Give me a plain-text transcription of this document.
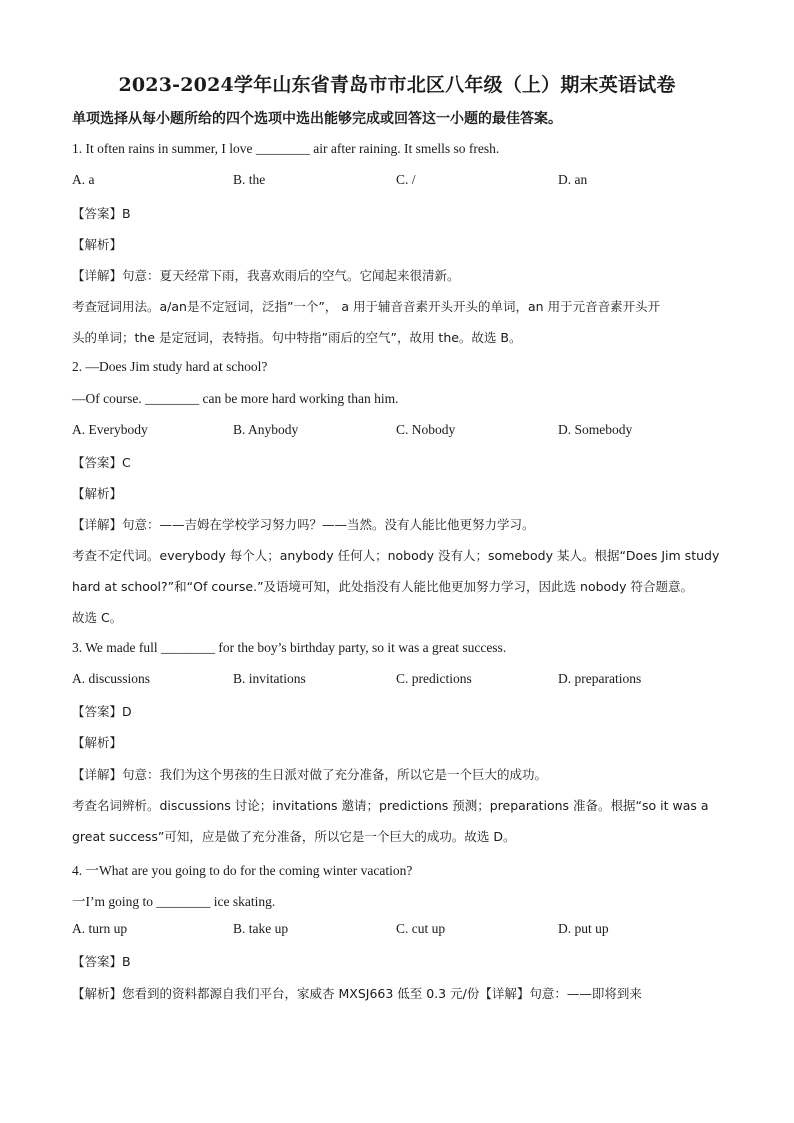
2023-2024学年山东省青岛市市北区八年级（上）期末英语试卷
单项选择从每小题所给的四个选项中选出能够完成或回答这一小题的最佳答案。
1. It often rains in summer, I love ________ air after raining. It smells so fresh.
A. a	B. the	C. /	D. an
【答案】B
【解析】
【详解】句意：夏天经常下雨，我喜欢雨后的空气。它闻起来很清新。
考查冠词用法。a/an是不定冠词，泛指”一个”， a 用于辅音音素开头开头的单词，an 用于元音音素开头开
头的单词；the 是定冠词，表特指。句中特指”雨后的空气”，故用 the。故选 B。
2. —Does Jim study hard at school?
—Of course. ________ can be more hard working than him.
A. Everybody	B. Anybody	C. Nobody	D. Somebody
【答案】C
【解析】
【详解】句意：——吉姆在学校学习努力吗？——当然。没有人能比他更努力学习。
考查不定代词。everybody 每个人；anybody 任何人；nobody 没有人；somebody 某人。根据“Does Jim study
hard at school?”和“Of course.”及语境可知，此处指没有人能比他更加努力学习，因此选 nobody 符合题意。
故选 C。
3. We made full ________ for the boy’s birthday party, so it was a great success.
A. discussions	B. invitations	C. predictions	D. preparations
【答案】D
【解析】
【详解】句意：我们为这个男孩的生日派对做了充分准备，所以它是一个巨大的成功。
考查名词辨析。discussions 讨论；invitations 邀请；predictions 预测；preparations 准备。根据“so it was a
great success”可知，应是做了充分准备，所以它是一个巨大的成功。故选 D。
4. 一What are you going to do for the coming winter vacation?
一I’m going to ________ ice skating.
A. turn up	B. take up	C. cut up	D. put up
【答案】B
【解析】您看到的资料都源自我们平台，家威杏 MXSJ663 低至 0.3 元/份【详解】句意：——即将到来
